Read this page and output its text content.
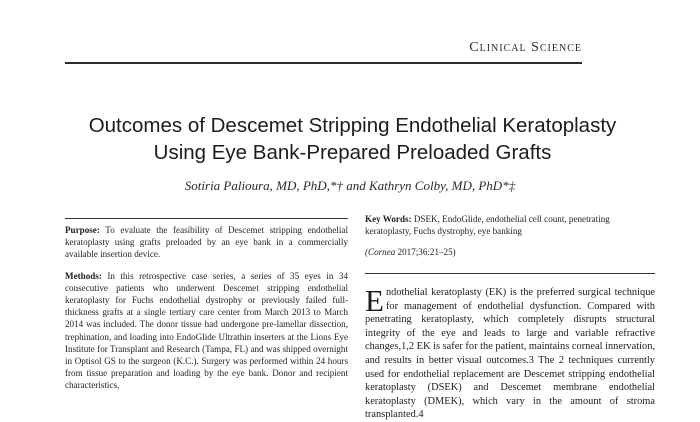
Clinical Science
Outcomes of Descemet Stripping Endothelial Keratoplasty
Using Eye Bank-Prepared Preloaded Grafts
Sotiria Palioura, MD, PhD,*† and Kathryn Colby, MD, PhD*‡

Purpose: To evaluate the feasibility of Descemet stripping endothelial keratoplasty using grafts preloaded by an eye bank in a commercially available insertion device.

Methods: In this retrospective case series, a series of 35 eyes in 34 consecutive patients who underwent Descemet stripping endothelial keratoplasty for Fuchs endothelial dystrophy or previously failed full-thickness grafts at a single tertiary care center from March 2013 to March 2014 was included. The donor tissue had undergone pre-lamellar dissection, trephination, and loading into EndoGlide Ultrathin inserters at the Lions Eye Institute for Transplant and Research (Tampa, FL) and was shipped overnight in Optisol GS to the surgeon (K.C.). Surgery was performed within 24 hours from tissue preparation and loading by the eye bank. Donor and recipient characteristics,

Key Words: DSEK, EndoGlide, endothelial cell count, penetrating keratoplasty, Fuchs dystrophy, eye banking

(Cornea 2017;36:21–25)

Endothelial keratoplasty (EK) is the preferred surgical technique for management of endothelial dysfunction. Compared with penetrating keratoplasty, which completely disrupts structural integrity of the eye and leads to large and variable refractive changes,1,2 EK is safer for the patient, maintains corneal innervation, and results in better visual outcomes.3 The 2 techniques currently used for endothelial replacement are Descemet stripping endothelial keratoplasty (DSEK) and Descemet membrane endothelial keratoplasty (DMEK), which vary in the amount of stroma transplanted.4
